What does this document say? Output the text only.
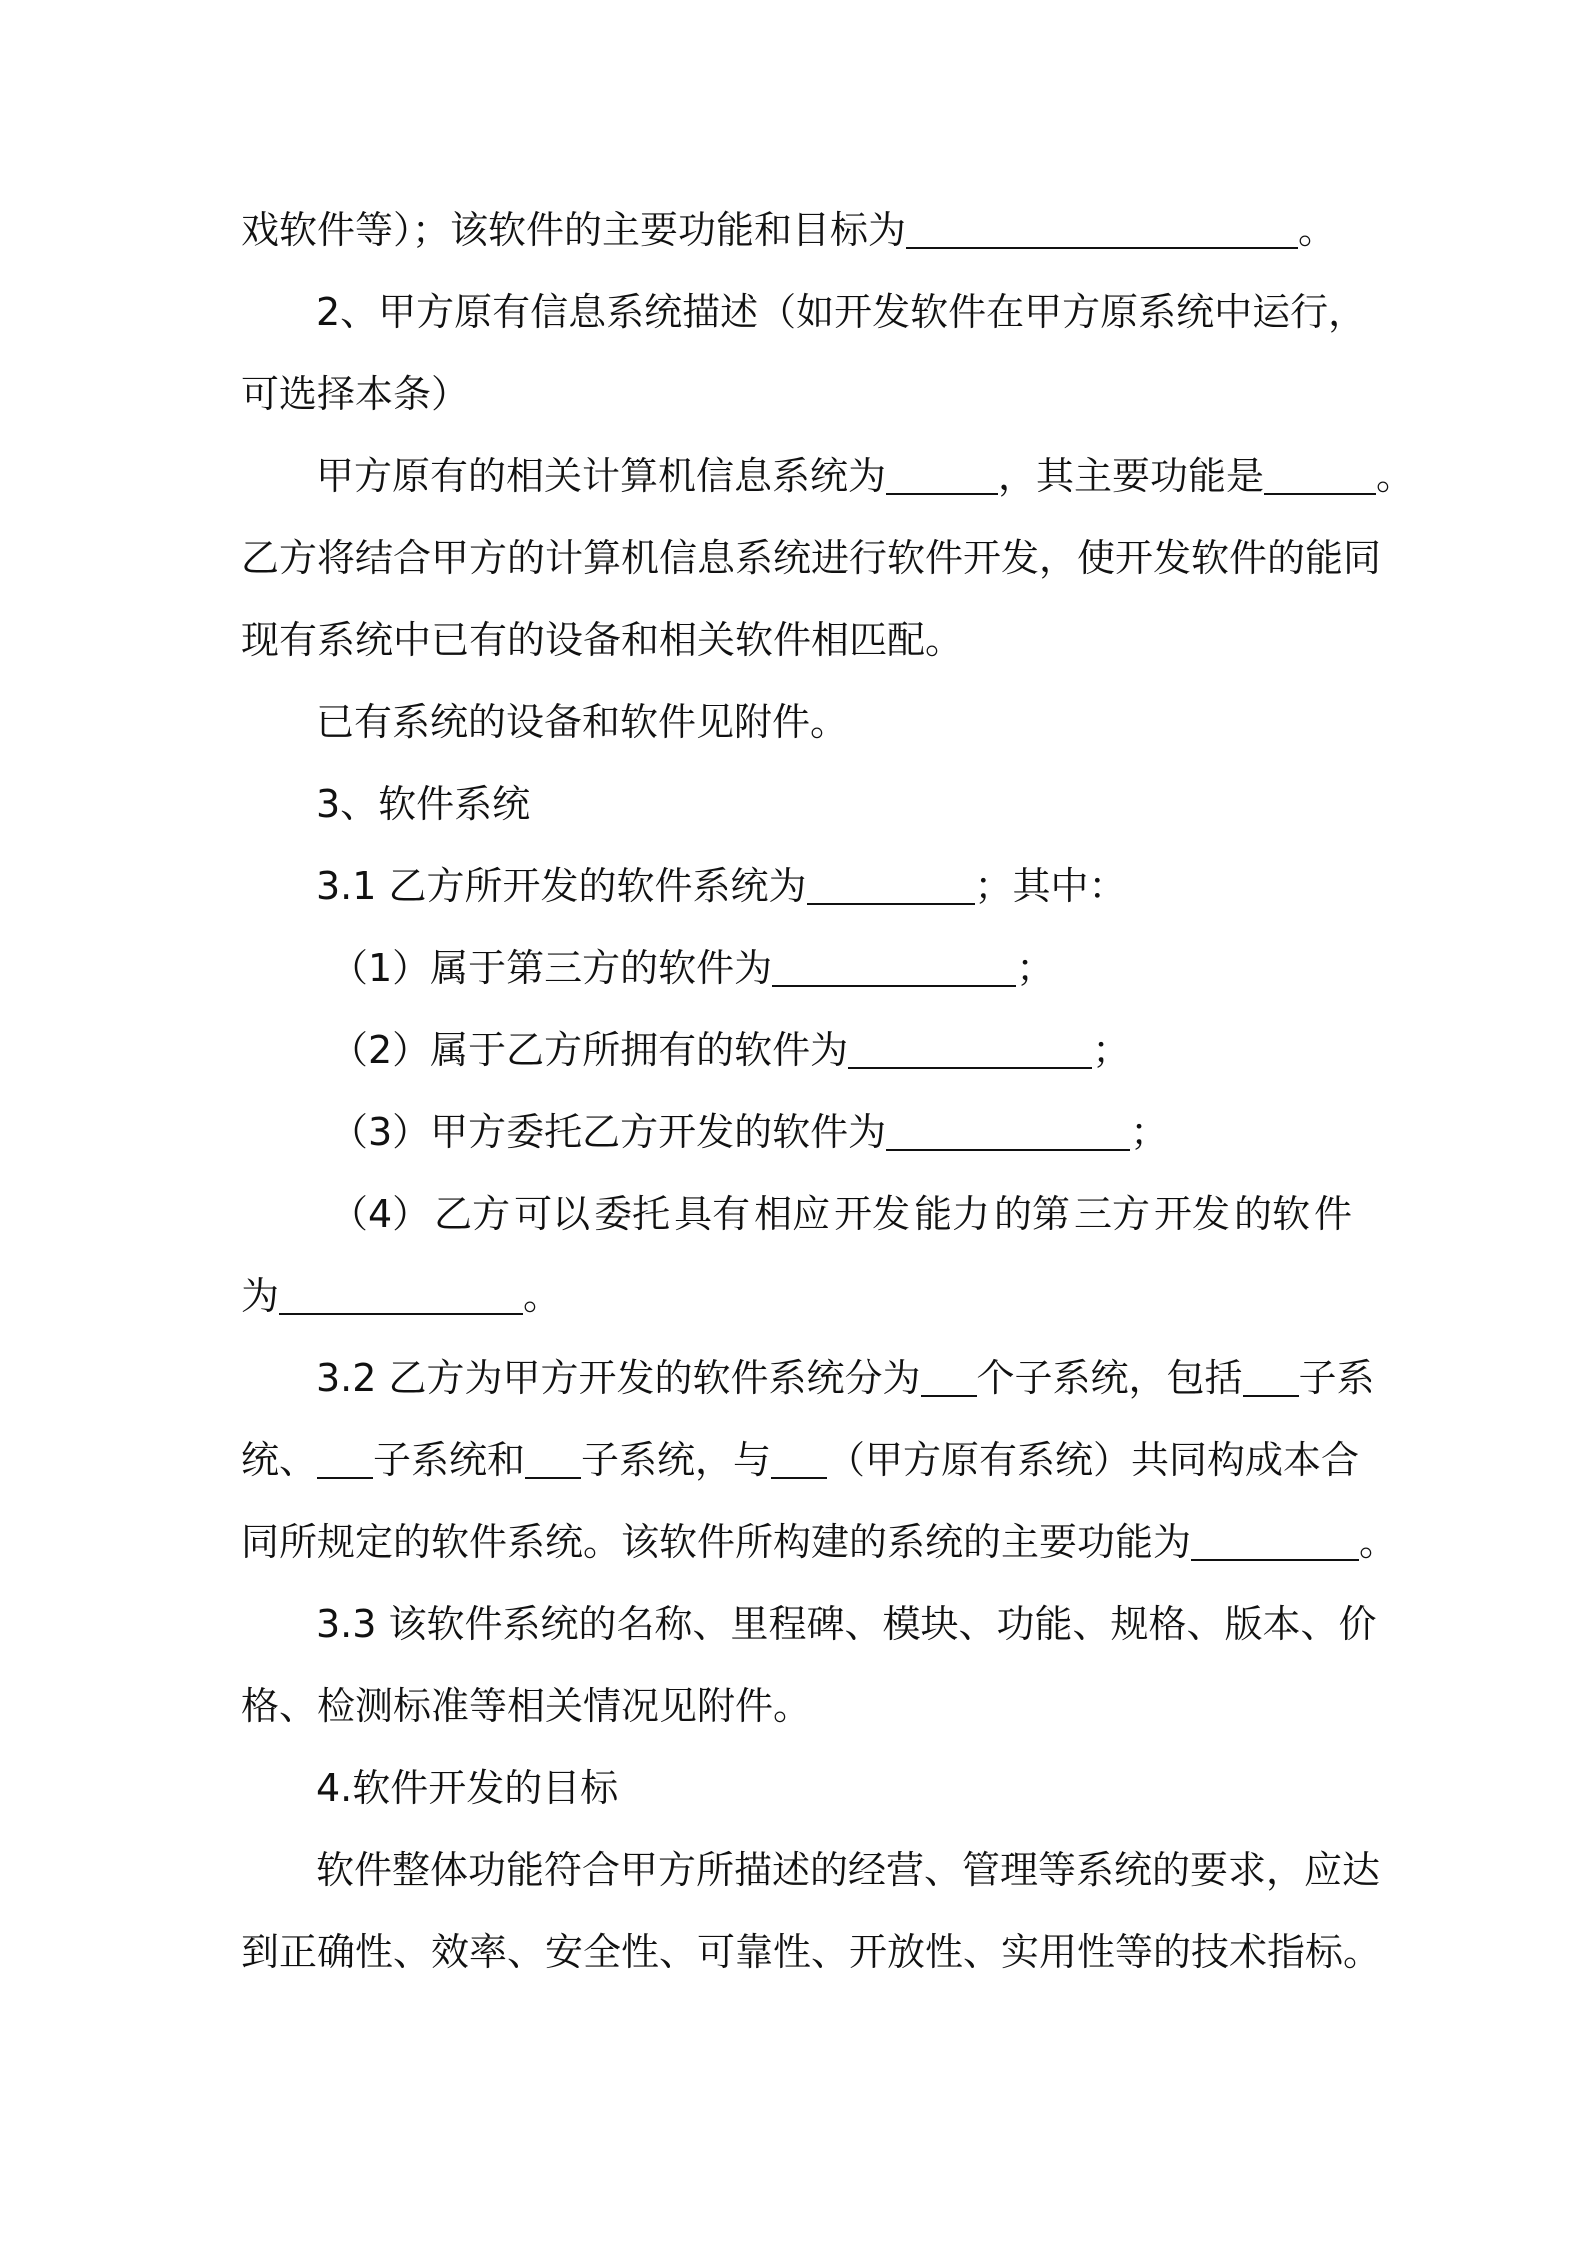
戏软件等）；该软件的主要功能和目标为	。
2、甲方原有信息系统描述（如开发软件在甲方原系统中运行，
可选择本条）
甲方原有的相关计算机信息系统为	，其主要功能是	。
乙方将结合甲方的计算机信息系统进行软件开发，使开发软件的能同
现有系统中已有的设备和相关软件相匹配。
已有系统的设备和软件见附件。
3、软件系统
3.1 乙方所开发的软件系统为	；其中：
（1）属于第三方的软件为	；
（2）属于乙方所拥有的软件为	；
（3）甲方委托乙方开发的软件为	；
（4） 乙方 可以 委托 具有 相应 开发 能力 的第 三方 开发 的软 件
为	。
3.2 乙方为甲方开发的软件系统分为 个子系统，包括 子系
统、 子系统和 子系统，与 （甲方原有系统）共同构成本合
同所规定的软件系统。该软件所构建的系统的主要功能为	。
3.3 该软件系统的名称、里程碑、模块、功能、规格、版本、价
格、检测标准等相关情况见附件。
4.软件开发的目标
软件整体功能符合甲方所描述的经营、管理等系统的要求，应达
到正确性、效率、安全性、可靠性、开放性、实用性等的技术指标。
